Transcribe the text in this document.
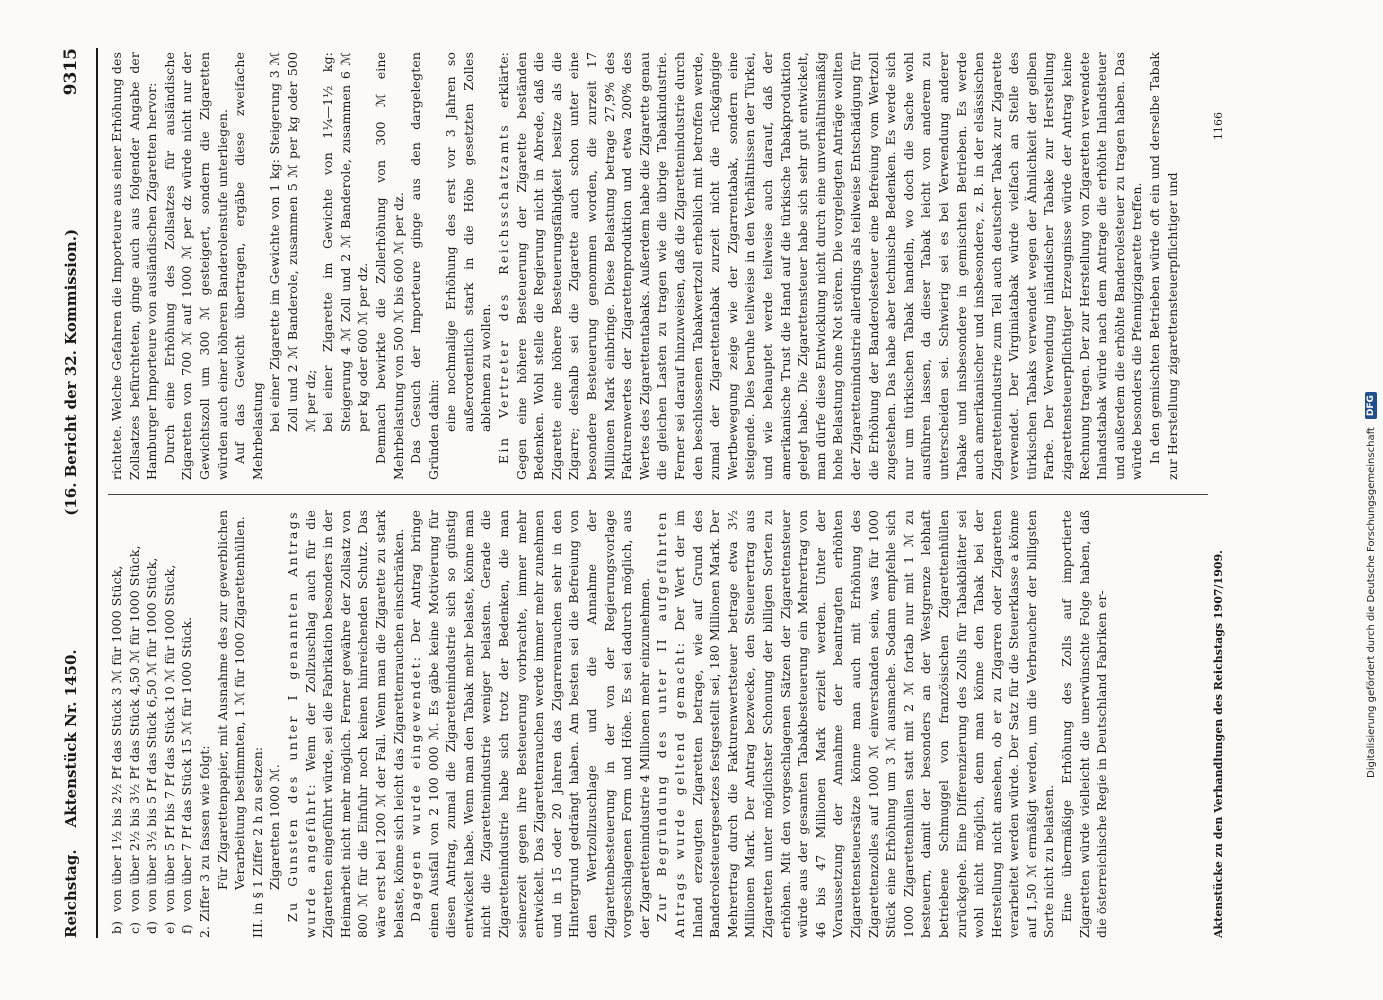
Reichstag.
Aktenstück Nr. 1450.
(16. Bericht der 32. Kommission.)
9315

b)
von über 1½ bis 2½ Pf das Stück 3 ℳ für 1000 Stück,

c)
von über 2½ bis 3½ Pf das Stück 4,50 ℳ für 1000 Stück,

d)
von über 3½ bis 5 Pf das Stück 6,50 ℳ für 1000 Stück,

e)
von über 5 Pf bis 7 Pf das Stück 10 ℳ für 1000 Stück,

f)
von über 7 Pf das Stück 15 ℳ für 1000 Stück. 2. Ziffer 3 zu fassen wie folgt: Für Zigarettenpapier, mit Ausnahme des zur gewerblichen Verarbeitung bestimmten, 1 ℳ für 1000 Zigarettenhüllen. III. in § 1 Ziffer 2 h zu setzen: Zigaretten 1000 ℳ. Zu Gunsten des unter I genannten Antrags wurde angeführt: Wenn der Zollzuschlag auch für die Zigaretten eingeführt würde, sei die Fabrikation besonders in der Heimarbeit nicht mehr möglich. Ferner gewähre der Zollsatz von 800 ℳ für die Einfuhr noch keinen hinreichenden Schutz. Das wäre erst bei 1200 ℳ der Fall. Wenn man die Zigarette zu stark belaste, könne sich leicht das Zigarettenrauchen einschränken. Dagegen wurde eingewendet: Der Antrag bringe einen Ausfall von 2 100 000 ℳ. Es gäbe keine Motivierung für diesen Antrag, zumal die Zigarettenindustrie sich so günstig entwickelt habe. Wenn man den Tabak mehr belaste, könne man nicht die Zigarettenindustrie weniger belasten. Gerade die Zigarettenindustrie habe sich trotz der Bedenken, die man seinerzeit gegen ihre Besteuerung vorbrachte, immer mehr entwickelt. Das Zigarettenrauchen werde immer mehr zunehmen und in 15 oder 20 Jahren das Zigarrenrauchen sehr in den Hintergrund gedrängt haben. Am besten sei die Befreiung von den Wertzollzuschlage und die Annahme der Zigarettenbesteuerung in der von der Regierungsvorlage vorgeschlagenen Form und Höhe. Es sei dadurch möglich, aus der Zigarettenindustrie 4 Millionen mehr einzunehmen. Zur Begründung des unter II aufgeführten Antrags wurde geltend gemacht: Der Wert der im Inland erzeugten Zigaretten betrage, wie auf Grund des Banderolesteuergesetzes festgestellt sei, 180 Millionen Mark. Der Mehrertrag durch die Fakturenwertsteuer betrage etwa 3½ Millionen Mark. Der Antrag bezwecke, den Steuerertrag aus Zigaretten unter möglichster Schonung der billigen Sorten zu erhöhen. Mit den vorgeschlagenen Sätzen der Zigarettensteuer würde aus der gesamten Tabakbesteuerung ein Mehrertrag von 46 bis 47 Millionen Mark erzielt werden. Unter der Voraussetzung der Annahme der beantragten erhöhten Zigarettensteuersätze könne man auch mit Erhöhung des Zigarettenzolles auf 1000 ℳ einverstanden sein, was für 1000 Stück eine Erhöhung um 3 ℳ ausmache. Sodann empfehle sich 1000 Zigarettenhüllen statt mit 2 ℳ fortab nur mit 1 ℳ zu besteuern, damit der besonders an der Westgrenze lebhaft betriebene Schmuggel von französischen Zigarettenhüllen zurückgehe. Eine Differenzierung des Zolls für Tabakblätter sei wohl nicht möglich, denn man könne den Tabak bei der Herstellung nicht ansehen, ob er zu Zigarren oder Zigaretten verarbeitet werden würde. Der Satz für die Steuerklasse a könne auf 1,50 ℳ ermäßigt werden, um die Verbraucher der billigsten Sorte nicht zu belasten. Eine übermäßige Erhöhung des Zolls auf importierte Zigaretten würde vielleicht die unerwünschte Folge haben, daß die österreichische Regie in Deutschland Fabriken er-

richtete. Welche Gefahren die Importeure aus einer Erhöhung des Zollsatzes befürchteten, ginge auch aus folgender Angabe der Hamburger Importeure von ausländischen Zigaretten hervor: Durch eine Erhöhung des Zollsatzes für ausländische Zigaretten von 700 ℳ auf 1000 ℳ per dz würde nicht nur der Gewichtszoll um 300 ℳ gesteigert, sondern die Zigaretten würden auch einer höheren Banderolenstufe unterliegen. Auf das Gewicht übertragen, ergäbe diese zweifache Mehrbelastung bei einer Zigarette im Gewichte von 1 kg: Steigerung 3 ℳ Zoll und 2 ℳ Banderole, zusammen 5 ℳ per kg oder 500 ℳ per dz; bei einer Zigarette im Gewichte von 1¼—1½ kg: Steigerung 4 ℳ Zoll und 2 ℳ Banderole, zusammen 6 ℳ per kg oder 600 ℳ per dz. Demnach bewirkte die Zollerhöhung von 300 ℳ eine Mehrbelastung von 500 ℳ bis 600 ℳ per dz. Das Gesuch der Importeure ginge aus den dargelegten Gründen dahin: eine nochmalige Erhöhung des erst vor 3 Jahren so außerordentlich stark in die Höhe gesetzten Zolles ablehnen zu wollen. Ein Vertreter des Reichsschatzamts erklärte: Gegen eine höhere Besteuerung der Zigarette beständen Bedenken. Wohl stelle die Regierung nicht in Abrede, daß die Zigarette eine höhere Besteuerungsfähigkeit besitze als die Zigarre; deshalb sei die Zigarette auch schon unter eine besondere Besteuerung genommen worden, die zurzeit 17 Millionen Mark einbringe. Diese Belastung betrage 27,9% des Fakturenwertes der Zigarettenproduktion und etwa 200% des Wertes des Zigarettentabaks. Außerdem habe die Zigarette genau die gleichen Lasten zu tragen wie die übrige Tabakindustrie. Ferner sei darauf hinzuweisen, daß die Zigarettenindustrie durch den beschlossenen Tabakwertzoll erheblich mit betroffen werde, zumal der Zigarettentabak zurzeit nicht die rückgängige Wertbewegung zeige wie der Zigarrentabak, sondern eine steigende. Dies beruhe teilweise in den Verhältnissen der Türkei, und wie behauptet werde teilweise auch darauf, daß der amerikanische Trust die Hand auf die türkische Tabakproduktion gelegt habe. Die Zigarettensteuer habe sich sehr gut entwickelt, man dürfe diese Entwicklung nicht durch eine unverhältnismäßig hohe Belastung ohne Not stören. Die vorgelegten Anträge wollten der Zigarettenindustrie allerdings als teilweise Entschädigung für die Erhöhung der Banderolesteuer eine Befreiung vom Wertzoll zugestehen. Das habe aber technische Bedenken. Es werde sich nur um türkischen Tabak handeln, wo doch die Sache wohl ausführen lassen, da dieser Tabak leicht von anderem zu unterscheiden sei. Schwierig sei es bei Verwendung anderer Tabake und insbesondere in gemischten Betrieben. Es werde auch amerikanischer und insbesondere, z. B. in der elsässischen Zigarettenindustrie zum Teil auch deutscher Tabak zur Zigarette verwendet. Der Virginiatabak würde vielfach an Stelle des türkischen Tabaks verwendet wegen der Ähnlichkeit der gelben Farbe. Der Verwendung inländischer Tabake zur Herstellung zigarettensteuerpflichtiger Erzeugnisse würde der Antrag keine Rechnung tragen. Der zur Herstellung von Zigaretten verwendete Inlandstabak würde nach dem Antrage die erhöhte Inlandsteuer und außerdem die erhöhte Banderolesteuer zu tragen haben. Das würde besonders die Pfennigzigarette treffen. In den gemischten Betrieben würde oft ein und derselbe Tabak zur Herstellung zigarettensteuerpflichtiger und

Aktenstücke zu den Verhandlungen des Reichstags 1907/1909.
1166
Digitalisierung gefördert durch die Deutsche Forschungsgemeinschaft
DFG
